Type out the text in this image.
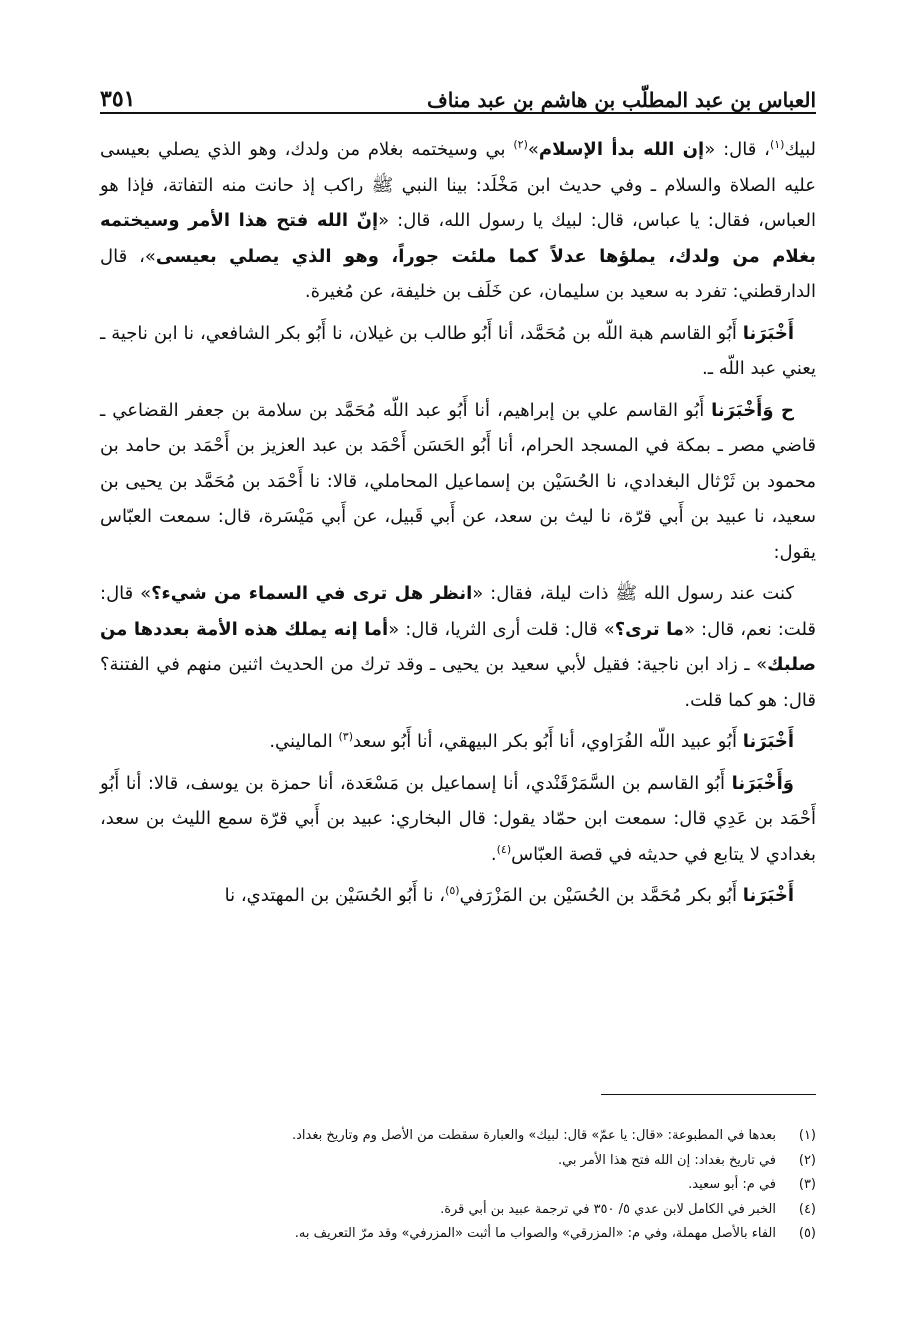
العباس بن عبد المطلّب بن هاشم بن عبد مناف
٣٥١

لبيك$^{(١)}$، قال: «إن الله بدأ الإسلام»$^{(٢)}$ بي وسيختمه بغلام من ولدك، وهو الذي يصلي بعيسى عليه الصلاة والسلام ـ وفي حديث ابن مَخْلَد: بينا النبي ﷺ راكب إذ حانت منه التفاتة، فإذا هو العباس، فقال: يا عباس، قال: لبيك يا رسول الله، قال: «إنّ الله فتح هذا الأمر وسيختمه بغلام من ولدك، يملؤها عدلاً كما ملئت جوراً، وهو الذي يصلي بعيسى»، قال الدارقطني: تفرد به سعيد بن سليمان، عن خَلَف بن خليفة، عن مُغيرة.

أَخْبَرَنا أَبُو القاسم هبة اللّه بن مُحَمَّد، أنا أَبُو طالب بن غيلان، نا أَبُو بكر الشافعي، نا ابن ناجية ـ يعني عبد اللّه ـ.

ح وَأَخْبَرَنا أَبُو القاسم علي بن إبراهيم، أنا أَبُو عبد اللّه مُحَمَّد بن سلامة بن جعفر القضاعي ـ قاضي مصر ـ بمكة في المسجد الحرام، أنا أَبُو الحَسَن أَحْمَد بن عبد العزيز بن أَحْمَد بن حامد بن محمود بن ثَرْثال البغدادي، نا الحُسَيْن بن إسماعيل المحاملي، قالا: نا أَحْمَد بن مُحَمَّد بن يحيى بن سعيد، نا عبيد بن أَبي قرّة، نا ليث بن سعد، عن أَبي قَبيل، عن أَبي مَيْسَرة، قال: سمعت العبّاس يقول:

كنت عند رسول الله ﷺ ذات ليلة، فقال: «انظر هل ترى في السماء من شيء؟» قال: قلت: نعم، قال: «ما ترى؟» قال: قلت أرى الثريا، قال: «أما إنه يملك هذه الأمة بعددها من صلبك» ـ زاد ابن ناجية: فقيل لأبي سعيد بن يحيى ـ وقد ترك من الحديث اثنين منهم في الفتنة؟ قال: هو كما قلت.

أَخْبَرَنا أَبُو عبيد اللّه الفُرَاوي، أنا أَبُو بكر البيهقي، أنا أَبُو سعد$^{(٣)}$ الماليني.

وَأَخْبَرَنا أَبُو القاسم بن السَّمَرْقَنْدي، أنا إسماعيل بن مَسْعَدة، أنا حمزة بن يوسف، قالا: أنا أَبُو أَحْمَد بن عَدِي قال: سمعت ابن حمّاد يقول: قال البخاري: عبيد بن أَبي قرّة سمع الليث بن سعد، بغدادي لا يتابع في حديثه في قصة العبّاس$^{(٤)}$.

أَخْبَرَنا أَبُو بكر مُحَمَّد بن الحُسَيْن بن المَزْرَفي$^{(٥)}$، نا أَبُو الحُسَيْن بن المهتدي، نا

(١)
بعدها في المطبوعة: «قال: يا عمّ» قال: لبيك» والعبارة سقطت من الأصل وم وتاريخ بغداد.
(٢)
في تاريخ بغداد: إن الله فتح هذا الأمر بي.
(٣)
في م: أبو سعيد.
(٤)
الخبر في الكامل لابن عدي ٥/ ٣٥٠ في ترجمة عبيد بن أبي قرة.
(٥)
الفاء بالأصل مهملة، وفي م: «المزرقي» والصواب ما أثبت «المزرفي» وقد مرّ التعريف به.
